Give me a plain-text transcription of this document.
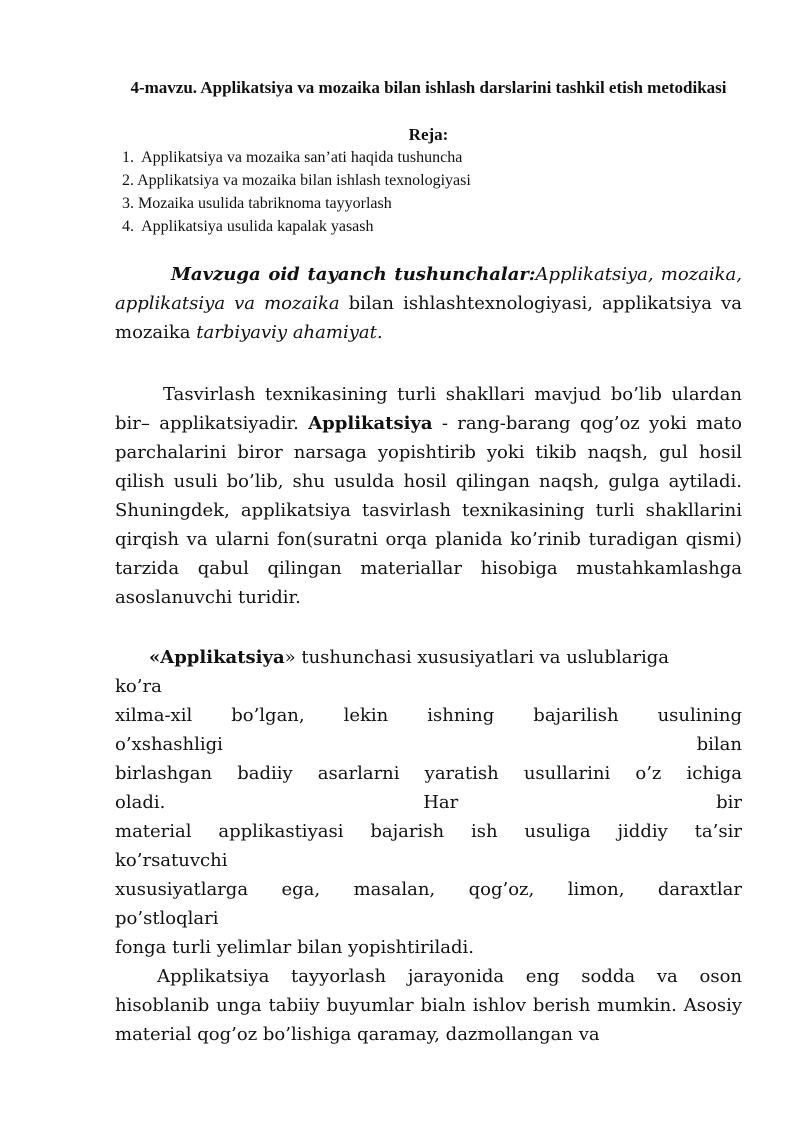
4-mavzu. Applikatsiya va mozaika bilan ishlash darslarini tashkil etish metodikasi

Reja:

1.  Applikatsiya va mozaika san’ati haqida tushuncha
2. Applikatsiya va mozaika bilan ishlash texnologiyasi
3. Mozaika usulida tabriknoma tayyorlash
4.  Applikatsiya usulida kapalak yasash

Mavzuga oid tayanch tushunchalar:Applikatsiya, mozaika, applikatsiya va mozaika bilan ishlashtexnologiyasi, applikatsiya va mozaika tarbiyaviy ahamiyat.

Tasvirlash texnikasining turli shakllari mavjud bo’lib ulardan bir– applikatsiyadir. Applikatsiya - rang-barang qog’oz yoki mato parchalarini biror narsaga yopishtirib yoki tikib naqsh, gul hosil qilish usuli bo’lib, shu usulda hosil qilingan naqsh, gulga aytiladi. Shuningdek, applikatsiya tasvirlash texnikasining turli shakllarini qirqish va ularni fon(suratni orqa planida ko’rinib turadigan qismi) tarzida qabul qilingan materiallar hisobiga mustahkamlashga asoslanuvchi turidir.

«Applikatsiya» tushunchasi xususiyatlari va uslublariga
ko’ra
xilma-xil bo’lgan, lekin ishning bajarilish usulining
o’xshashligi	bilan
birlashgan badiiy asarlarni yaratish usullarini o’z ichiga
oladi.	Har	bir
material applikastiyasi bajarish ish usuliga jiddiy ta’sir
ko’rsatuvchi
xususiyatlarga ega, masalan, qog’oz, limon, daraxtlar
po’stloqlari
fonga turli yelimlar bilan yopishtiriladi.

Applikatsiya tayyorlash jarayonida eng sodda va oson hisoblanib unga tabiiy buyumlar bialn ishlov berish mumkin. Asosiy material qog’oz bo’lishiga qaramay, dazmollangan va
